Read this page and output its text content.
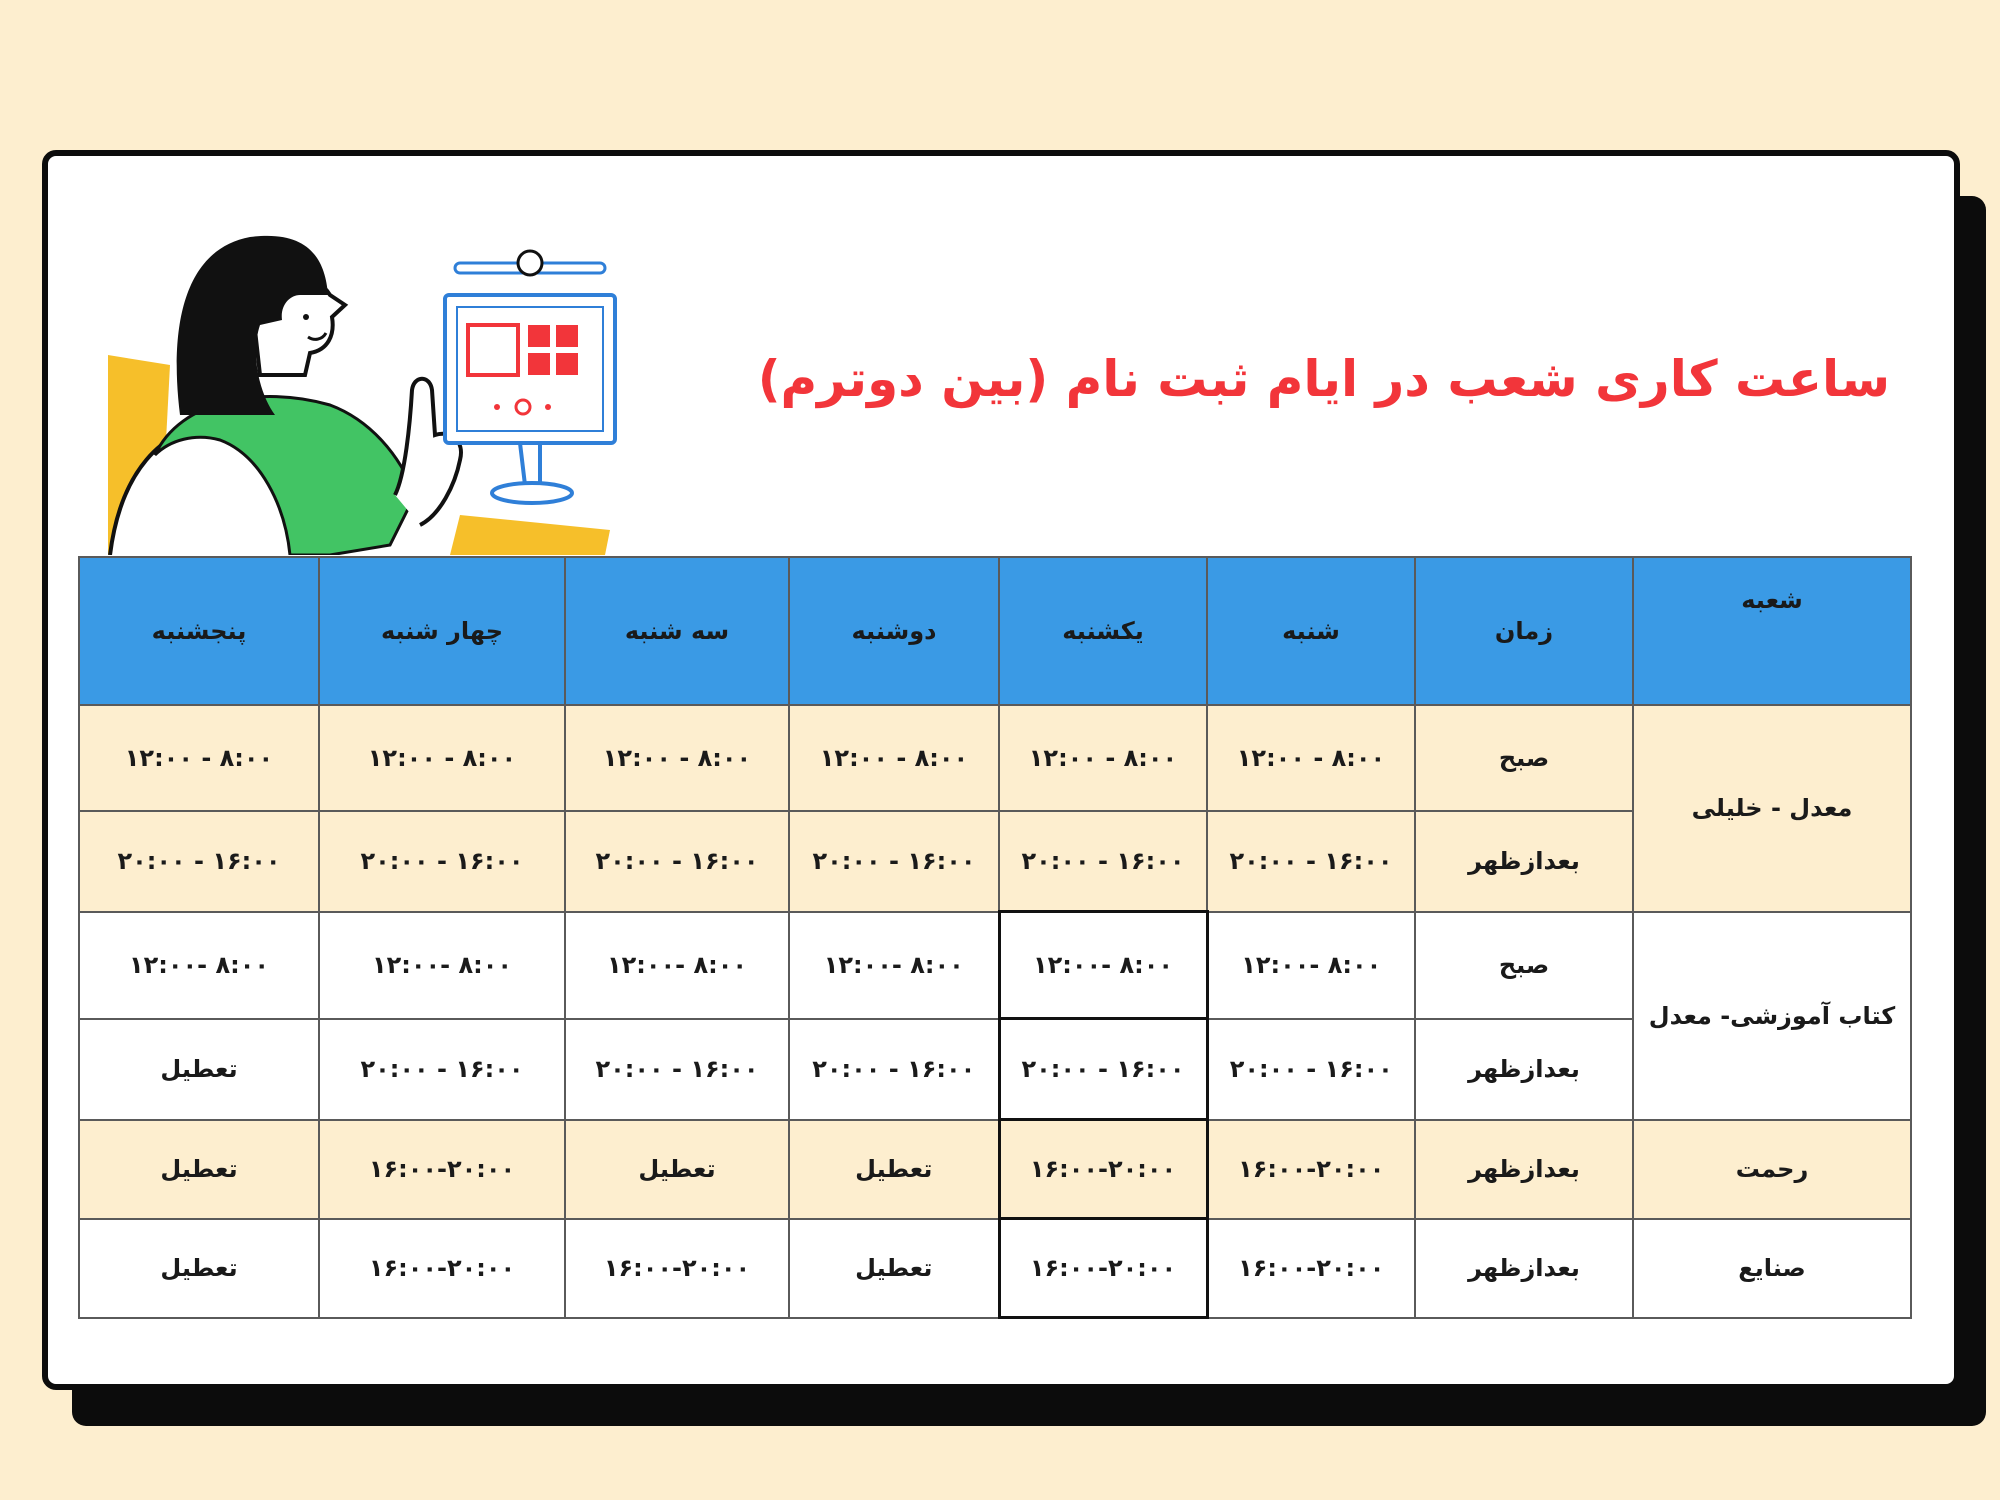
ساعت کاری شعب در ایام ثبت نام (بین دوترم)
شعبه	زمان	شنبه	یکشنبه	دوشنبه	سه شنبه	چهار شنبه	پنجشنبه
معدل - خلیلی	صبح	۸:۰۰ - ۱۲:۰۰	۸:۰۰ - ۱۲:۰۰	۸:۰۰ - ۱۲:۰۰	۸:۰۰ - ۱۲:۰۰	۸:۰۰ - ۱۲:۰۰	۸:۰۰ - ۱۲:۰۰
	بعدازظهر	۱۶:۰۰ - ۲۰:۰۰	۱۶:۰۰ - ۲۰:۰۰	۱۶:۰۰ - ۲۰:۰۰	۱۶:۰۰ - ۲۰:۰۰	۱۶:۰۰ - ۲۰:۰۰	۱۶:۰۰ - ۲۰:۰۰
کتاب آموزشی- معدل	صبح	۸:۰۰ -۱۲:۰۰	۸:۰۰ -۱۲:۰۰	۸:۰۰ -۱۲:۰۰	۸:۰۰ -۱۲:۰۰	۸:۰۰ -۱۲:۰۰	۸:۰۰ -۱۲:۰۰
	بعدازظهر	۱۶:۰۰ - ۲۰:۰۰	۱۶:۰۰ - ۲۰:۰۰	۱۶:۰۰ - ۲۰:۰۰	۱۶:۰۰ - ۲۰:۰۰	۱۶:۰۰ - ۲۰:۰۰	تعطیل
رحمت	بعدازظهر	۱۶:۰۰-۲۰:۰۰	۱۶:۰۰-۲۰:۰۰	تعطیل	تعطیل	۱۶:۰۰-۲۰:۰۰	تعطیل
صنایع	بعدازظهر	۱۶:۰۰-۲۰:۰۰	۱۶:۰۰-۲۰:۰۰	تعطیل	۱۶:۰۰-۲۰:۰۰	۱۶:۰۰-۲۰:۰۰	تعطیل
